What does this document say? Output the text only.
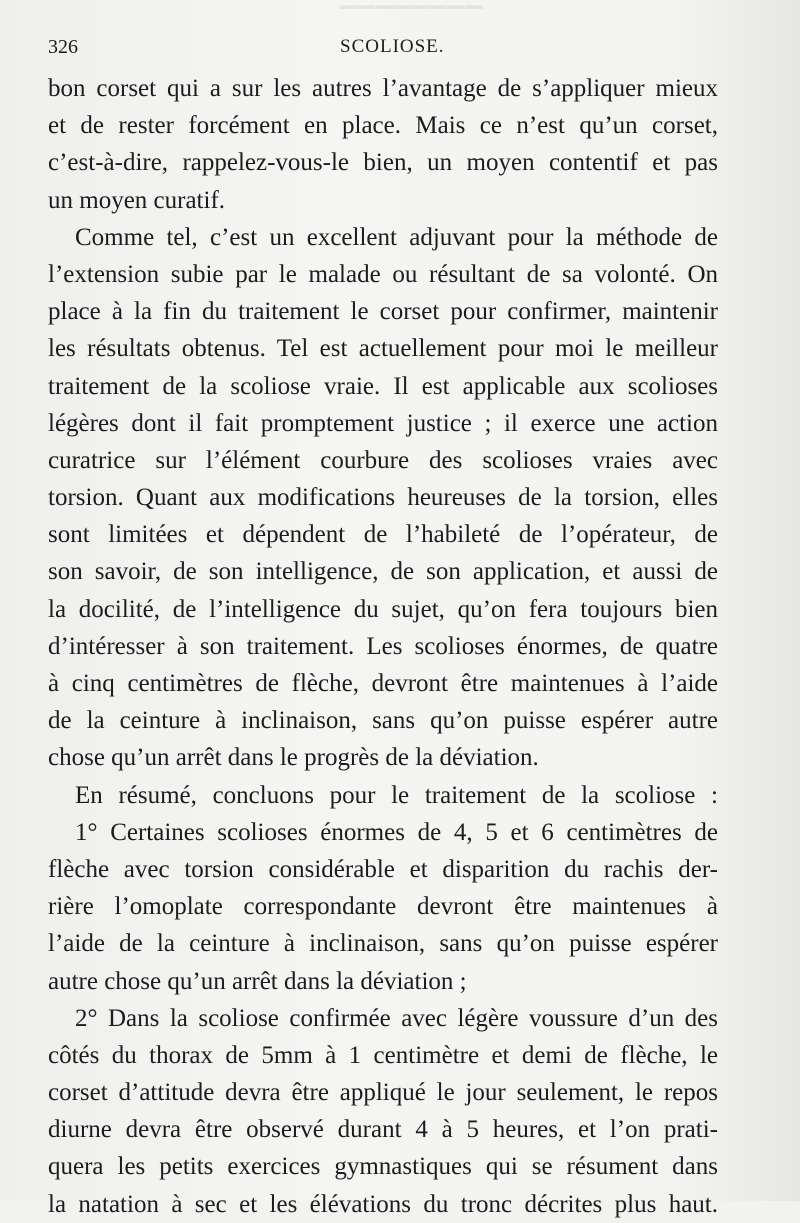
▔▔▔▔▔▔▔▔
326	SCOLIOSE.
bon corset qui a sur les autres l’avantage de s’appliquer mieux
et de rester forcément en place. Mais ce n’est qu’un corset,
c’est-à-dire, rappelez-vous-le bien, un moyen contentif et pas
un moyen curatif.
Comme tel, c’est un excellent adjuvant pour la méthode de
l’extension subie par le malade ou résultant de sa volonté. On
place à la fin du traitement le corset pour confirmer, maintenir
les résultats obtenus. Tel est actuellement pour moi le meilleur
traitement de la scoliose vraie. Il est applicable aux scolioses
légères dont il fait promptement justice ; il exerce une action
curatrice sur l’élément courbure des scolioses vraies avec
torsion. Quant aux modifications heureuses de la torsion, elles
sont limitées et dépendent de l’habileté de l’opérateur, de
son savoir, de son intelligence, de son application, et aussi de
la docilité, de l’intelligence du sujet, qu’on fera toujours bien
d’intéresser à son traitement. Les scolioses énormes, de quatre
à cinq centimètres de flèche, devront être maintenues à l’aide
de la ceinture à inclinaison, sans qu’on puisse espérer autre
chose qu’un arrêt dans le progrès de la déviation.
En résumé, concluons pour le traitement de la scoliose :
1° Certaines scolioses énormes de 4, 5 et 6 centimètres de
flèche avec torsion considérable et disparition du rachis der-
rière l’omoplate correspondante devront être maintenues à
l’aide de la ceinture à inclinaison, sans qu’on puisse espérer
autre chose qu’un arrêt dans la déviation ;
2° Dans la scoliose confirmée avec légère voussure d’un des
côtés du thorax de 5mm à 1 centimètre et demi de flèche, le
corset d’attitude devra être appliqué le jour seulement, le repos
diurne devra être observé durant 4 à 5 heures, et l’on prati-
quera les petits exercices gymnastiques qui se résument dans
la natation à sec et les élévations du tronc décrites plus haut.
